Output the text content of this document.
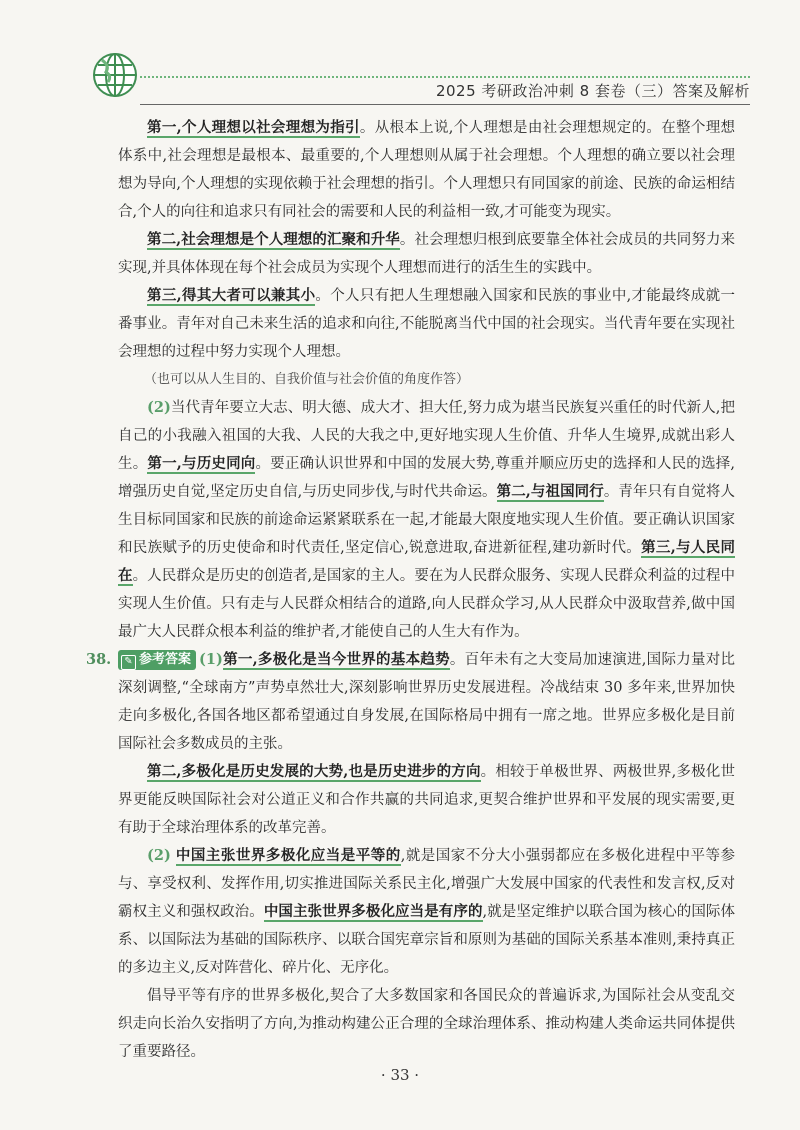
2025 考研政治冲刺 8 套卷（三）答案及解析

第一,个人理想以社会理想为指引。从根本上说,个人理想是由社会理想规定的。在整个理想体系中,社会理想是最根本、最重要的,个人理想则从属于社会理想。个人理想的确立要以社会理想为导向,个人理想的实现依赖于社会理想的指引。个人理想只有同国家的前途、民族的命运相结合,个人的向往和追求只有同社会的需要和人民的利益相一致,才可能变为现实。

第二,社会理想是个人理想的汇聚和升华。社会理想归根到底要靠全体社会成员的共同努力来实现,并具体体现在每个社会成员为实现个人理想而进行的活生生的实践中。

第三,得其大者可以兼其小。个人只有把人生理想融入国家和民族的事业中,才能最终成就一番事业。青年对自己未来生活的追求和向往,不能脱离当代中国的社会现实。当代青年要在实现社会理想的过程中努力实现个人理想。

（也可以从人生目的、自我价值与社会价值的角度作答）

(2)当代青年要立大志、明大德、成大才、担大任,努力成为堪当民族复兴重任的时代新人,把自己的小我融入祖国的大我、人民的大我之中,更好地实现人生价值、升华人生境界,成就出彩人生。第一,与历史同向。要正确认识世界和中国的发展大势,尊重并顺应历史的选择和人民的选择,增强历史自觉,坚定历史自信,与历史同步伐,与时代共命运。第二,与祖国同行。青年只有自觉将人生目标同国家和民族的前途命运紧紧联系在一起,才能最大限度地实现人生价值。要正确认识国家和民族赋予的历史使命和时代责任,坚定信心,锐意进取,奋进新征程,建功新时代。第三,与人民同在。人民群众是历史的创造者,是国家的主人。要在为人民群众服务、实现人民群众利益的过程中实现人生价值。只有走与人民群众相结合的道路,向人民群众学习,从人民群众中汲取营养,做中国最广大人民群众根本利益的维护者,才能使自己的人生大有作为。

38. ✎ 参考答案 (1)第一,多极化是当今世界的基本趋势。百年未有之大变局加速演进,国际力量对比深刻调整,“全球南方”声势卓然壮大,深刻影响世界历史发展进程。冷战结束 30 多年来,世界加快走向多极化,各国各地区都希望通过自身发展,在国际格局中拥有一席之地。世界应多极化是目前国际社会多数成员的主张。

第二,多极化是历史发展的大势,也是历史进步的方向。相较于单极世界、两极世界,多极化世界更能反映国际社会对公道正义和合作共赢的共同追求,更契合维护世界和平发展的现实需要,更有助于全球治理体系的改革完善。

(2) 中国主张世界多极化应当是平等的,就是国家不分大小强弱都应在多极化进程中平等参与、享受权利、发挥作用,切实推进国际关系民主化,增强广大发展中国家的代表性和发言权,反对霸权主义和强权政治。中国主张世界多极化应当是有序的,就是坚定维护以联合国为核心的国际体系、以国际法为基础的国际秩序、以联合国宪章宗旨和原则为基础的国际关系基本准则,秉持真正的多边主义,反对阵营化、碎片化、无序化。

倡导平等有序的世界多极化,契合了大多数国家和各国民众的普遍诉求,为国际社会从变乱交织走向长治久安指明了方向,为推动构建公正合理的全球治理体系、推动构建人类命运共同体提供了重要路径。

· 33 ·
